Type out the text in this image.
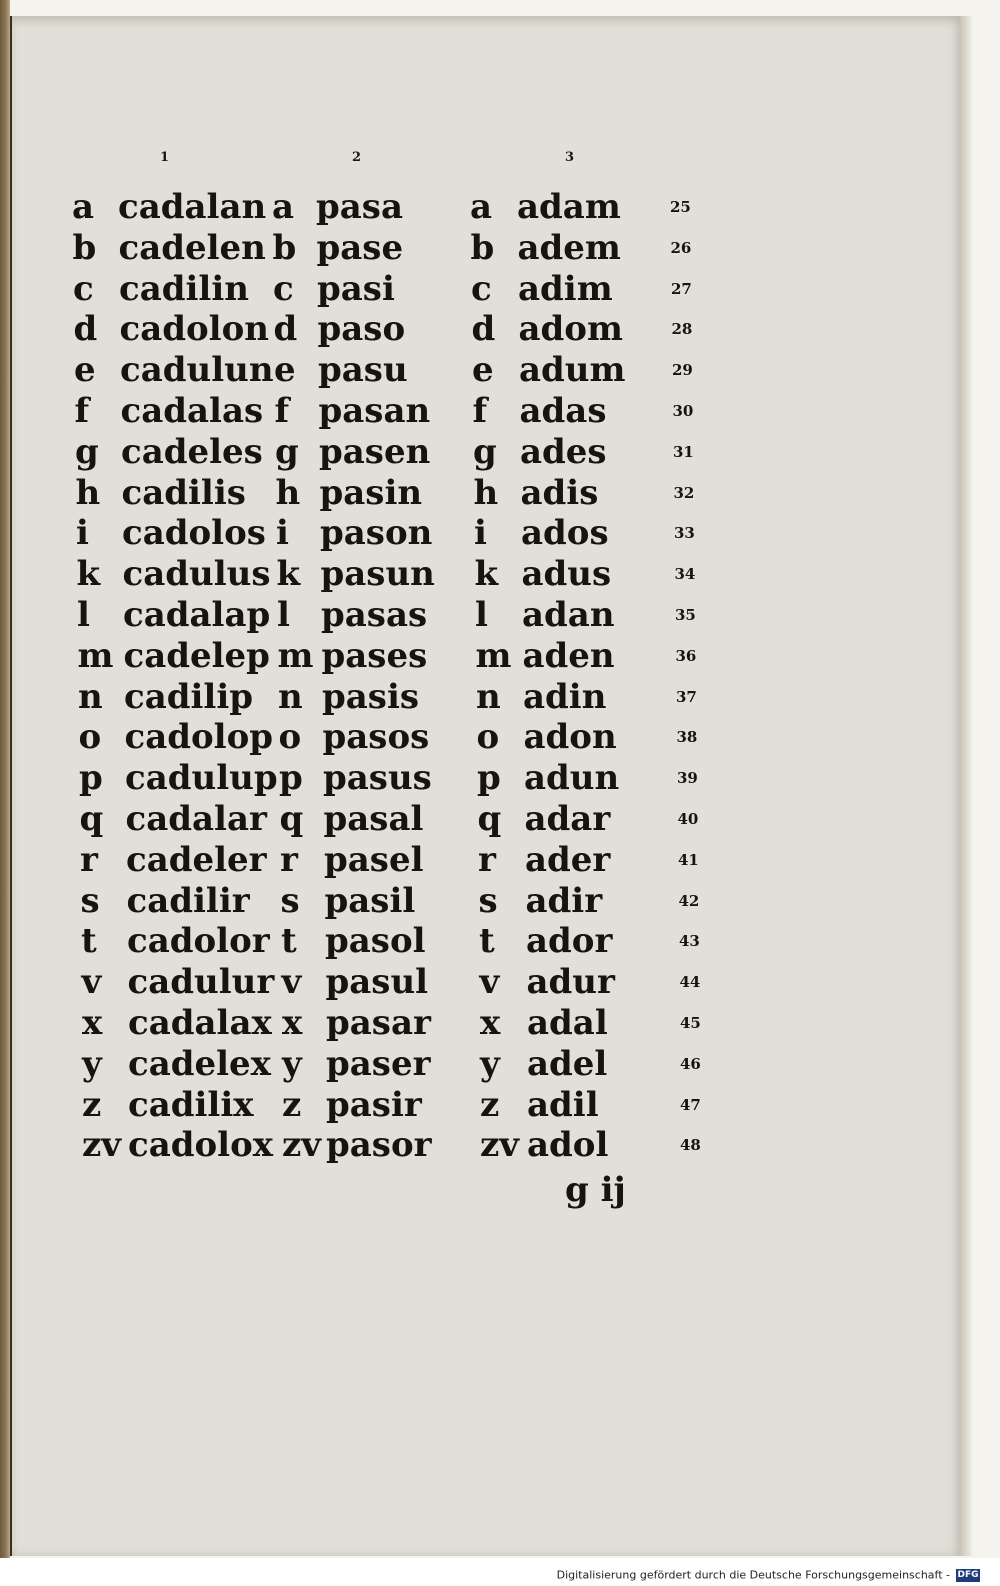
1	2	3
a cadalan a pasa a adam	25
b cadelen b pase b adem	26
c cadilin c pasi c adim	27
d cadolon d paso d adom	28
e cadulun e pasu e adum	29
f cadalas f pasan f adas	30
g cadeles g pasen g ades	31
h cadilis h pasin h adis	32
i cadolos i pason i ados	33
k cadulus k pasun k adus	34
l cadalap l pasas l adan	35
m cadelep m pases m aden	36
n cadilip n pasis n adin	37
o cadolop o pasos o adon	38
p cadulup p pasus p adun	39
q cadalar q pasal q adar	40
r cadeler r pasel r ader	41
s cadilir s pasil s adir	42
t cadolor t pasol t ador	43
v cadulur v pasul v adur	44
x cadalax x pasar x adal	45
y cadelex y paser y adel	46
z cadilix z pasir z adil	47
zv cadolox zv pasor zv adol	48
g ij
Digitalisierung gefördert durch die Deutsche Forschungsgemeinschaft - DFG
